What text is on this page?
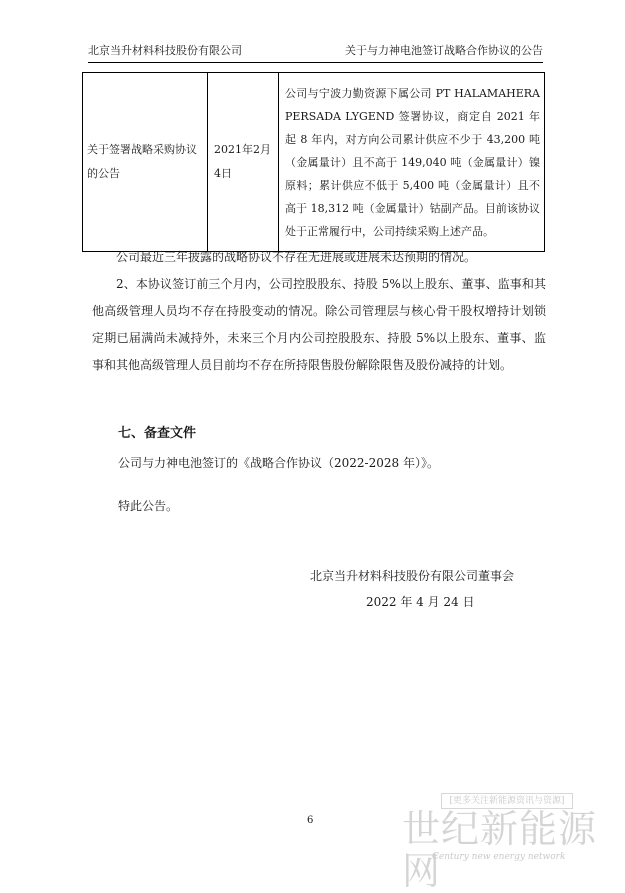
北京当升材料科技股份有限公司	关于与力神电池签订战略合作协议的公告
关于签署战略采购协议的公告	2021年2月4日	公司与宁波力勤资源下属公司 PT HALAMAHERA PERSADA LYGEND 签署协议，商定自 2021 年起 8 年内，对方向公司累计供应不少于 43,200 吨（金属量计）且不高于 149,040 吨（金属量计）镍原料；累计供应不低于 5,400 吨（金属量计）且不高于 18,312 吨（金属量计）钴副产品。目前该协议处于正常履行中，公司持续采购上述产品。
公司最近三年披露的战略协议不存在无进展或进展未达预期的情况。
2、本协议签订前三个月内，公司控股股东、持股 5%以上股东、董事、监事和其他高级管理人员均不存在持股变动的情况。除公司管理层与核心骨干股权增持计划锁定期已届满尚未减持外，未来三个月内公司控股股东、持股 5%以上股东、董事、监事和其他高级管理人员目前均不存在所持限售股份解除限售及股份减持的计划。
七、备查文件
公司与力神电池签订的《战略合作协议（2022-2028 年）》。
特此公告。
北京当升材料科技股份有限公司董事会
2022 年 4 月 24 日
6
[更多关注新能源资讯与资源]
世纪新能源网
Century new energy network
